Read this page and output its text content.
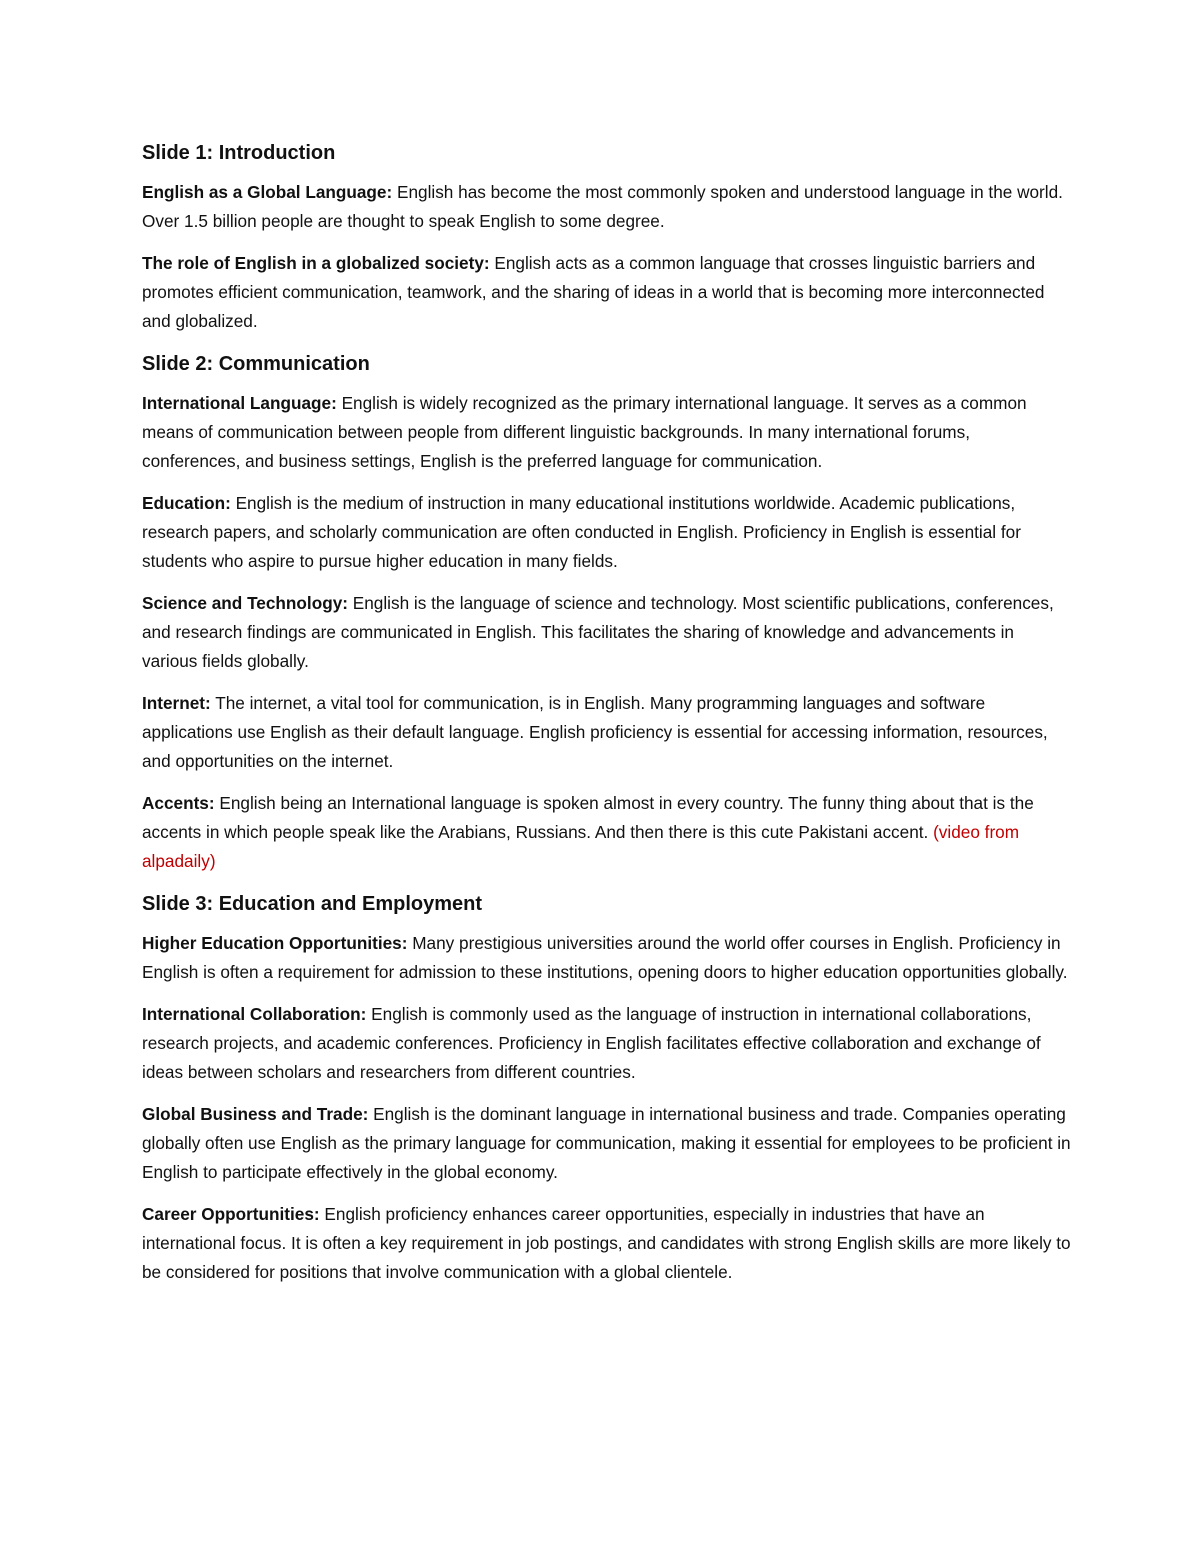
Slide 1: Introduction

English as a Global Language: English has become the most commonly spoken and understood language in the world. Over 1.5 billion people are thought to speak English to some degree.

The role of English in a globalized society: English acts as a common language that crosses linguistic barriers and promotes efficient communication, teamwork, and the sharing of ideas in a world that is becoming more interconnected and globalized.

Slide 2: Communication

International Language: English is widely recognized as the primary international language. It serves as a common means of communication between people from different linguistic backgrounds. In many international forums, conferences, and business settings, English is the preferred language for communication.

Education: English is the medium of instruction in many educational institutions worldwide. Academic publications, research papers, and scholarly communication are often conducted in English. Proficiency in English is essential for students who aspire to pursue higher education in many fields.

Science and Technology: English is the language of science and technology. Most scientific publications, conferences, and research findings are communicated in English. This facilitates the sharing of knowledge and advancements in various fields globally.

Internet: The internet, a vital tool for communication, is in English. Many programming languages and software applications use English as their default language. English proficiency is essential for accessing information, resources, and opportunities on the internet.

Accents: English being an International language is spoken almost in every country. The funny thing about that is the accents in which people speak like the Arabians, Russians. And then there is this cute Pakistani accent. (video from alpadaily)

Slide 3: Education and Employment

Higher Education Opportunities: Many prestigious universities around the world offer courses in English. Proficiency in English is often a requirement for admission to these institutions, opening doors to higher education opportunities globally.

International Collaboration: English is commonly used as the language of instruction in international collaborations, research projects, and academic conferences. Proficiency in English facilitates effective collaboration and exchange of ideas between scholars and researchers from different countries.

Global Business and Trade: English is the dominant language in international business and trade. Companies operating globally often use English as the primary language for communication, making it essential for employees to be proficient in English to participate effectively in the global economy.

Career Opportunities: English proficiency enhances career opportunities, especially in industries that have an international focus. It is often a key requirement in job postings, and candidates with strong English skills are more likely to be considered for positions that involve communication with a global clientele.
